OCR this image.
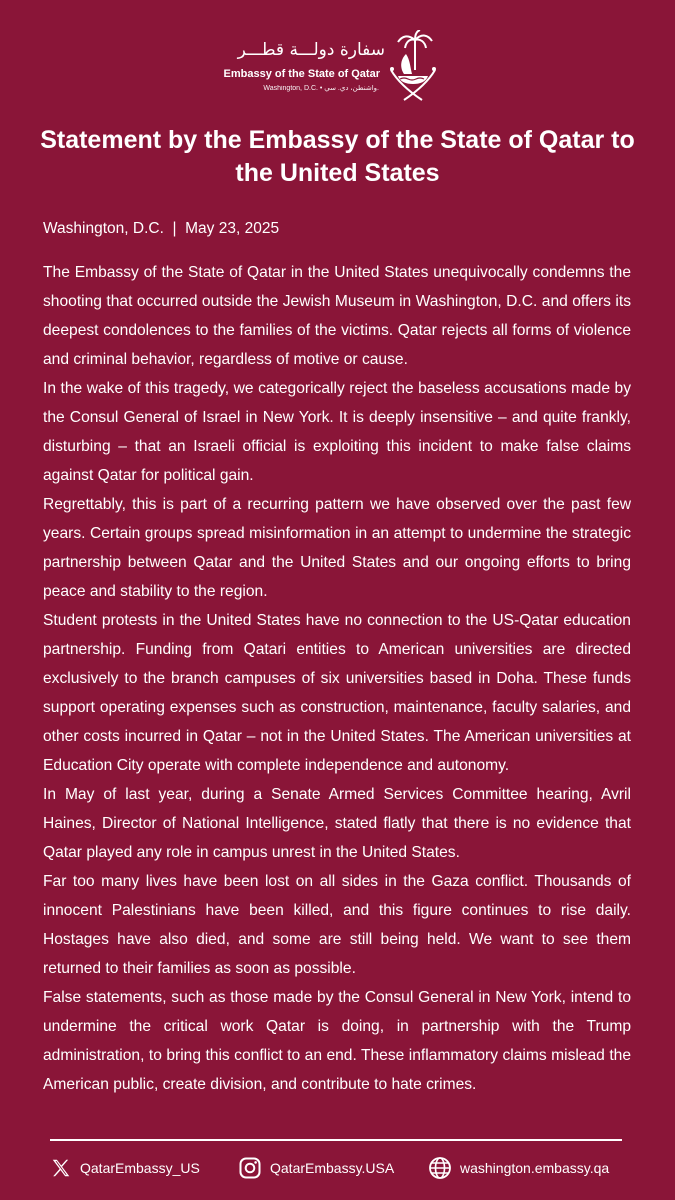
سفارة دولـــة قطـــر
Embassy of the State of Qatar
Washington, D.C. • واشنطن، دي. سي.
Statement by the Embassy of the State of Qatar to the United States
Washington, D.C.  |  May 23, 2025

The Embassy of the State of Qatar in the United States unequivocally condemns the shooting that occurred outside the Jewish Museum in Washington, D.C. and offers its deepest condolences to the families of the victims. Qatar rejects all forms of violence and criminal behavior, regardless of motive or cause.

In the wake of this tragedy, we categorically reject the baseless accusations made by the Consul General of Israel in New York. It is deeply insensitive – and quite frankly, disturbing – that an Israeli official is exploiting this incident to make false claims against Qatar for political gain.

Regrettably, this is part of a recurring pattern we have observed over the past few years. Certain groups spread misinformation in an attempt to undermine the strategic partnership between Qatar and the United States and our ongoing efforts to bring peace and stability to the region.

Student protests in the United States have no connection to the US-Qatar education partnership. Funding from Qatari entities to American universities are directed exclusively to the branch campuses of six universities based in Doha. These funds support operating expenses such as construction, maintenance, faculty salaries, and other costs incurred in Qatar – not in the United States. The American universities at Education City operate with complete independence and autonomy.

In May of last year, during a Senate Armed Services Committee hearing, Avril Haines, Director of National Intelligence, stated flatly that there is no evidence that Qatar played any role in campus unrest in the United States.

Far too many lives have been lost on all sides in the Gaza conflict. Thousands of innocent Palestinians have been killed, and this figure continues to rise daily. Hostages have also died, and some are still being held. We want to see them returned to their families as soon as possible.

False statements, such as those made by the Consul General in New York, intend to undermine the critical work Qatar is doing, in partnership with the Trump administration, to bring this conflict to an end. These inflammatory claims mislead the American public, create division, and contribute to hate crimes.

QatarEmbassy_US	QatarEmbassy.USA	washington.embassy.qa
